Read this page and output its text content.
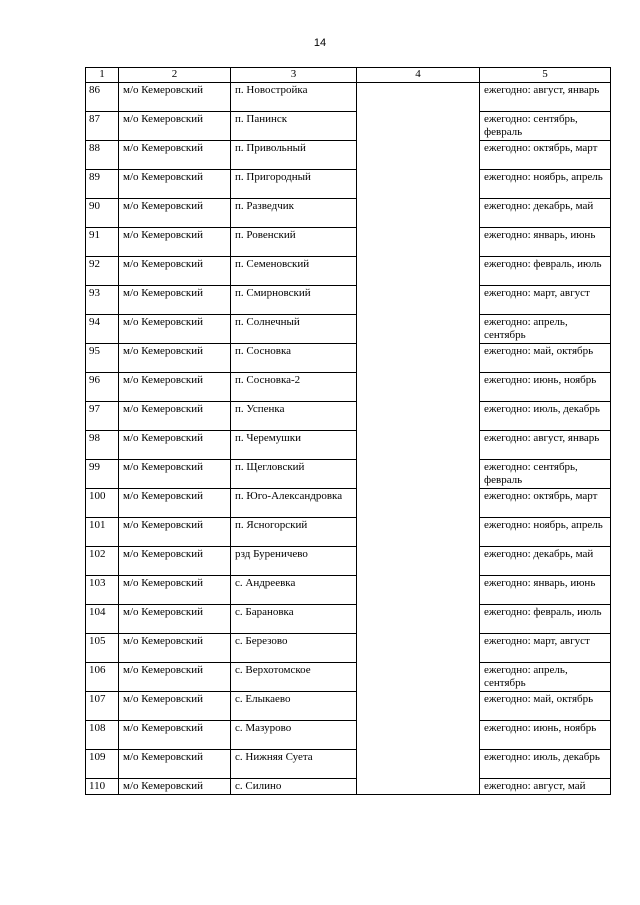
14
1	2	3	4	5
86	м/о Кемеровский	п. Новостройка		ежегодно: август, январь
87	м/о Кемеровский	п. Панинск		ежегодно: сентябрь, февраль
88	м/о Кемеровский	п. Привольный		ежегодно: октябрь, март
89	м/о Кемеровский	п. Пригородный		ежегодно: ноябрь, апрель
90	м/о Кемеровский	п. Разведчик		ежегодно: декабрь, май
91	м/о Кемеровский	п. Ровенский		ежегодно: январь, июнь
92	м/о Кемеровский	п. Семеновский		ежегодно: февраль, июль
93	м/о Кемеровский	п. Смирновский		ежегодно: март, август
94	м/о Кемеровский	п. Солнечный		ежегодно: апрель, сентябрь
95	м/о Кемеровский	п. Сосновка		ежегодно: май, октябрь
96	м/о Кемеровский	п. Сосновка-2		ежегодно: июнь, ноябрь
97	м/о Кемеровский	п. Успенка		ежегодно: июль, декабрь
98	м/о Кемеровский	п. Черемушки		ежегодно: август, январь
99	м/о Кемеровский	п. Щегловский		ежегодно: сентябрь, февраль
100	м/о Кемеровский	п. Юго-Александровка		ежегодно: октябрь, март
101	м/о Кемеровский	п. Ясногорский		ежегодно: ноябрь, апрель
102	м/о Кемеровский	рзд Буреничево		ежегодно: декабрь, май
103	м/о Кемеровский	с. Андреевка		ежегодно: январь, июнь
104	м/о Кемеровский	с. Барановка		ежегодно: февраль, июль
105	м/о Кемеровский	с. Березово		ежегодно: март, август
106	м/о Кемеровский	с. Верхотомское		ежегодно: апрель, сентябрь
107	м/о Кемеровский	с. Елыкаево		ежегодно: май, октябрь
108	м/о Кемеровский	с. Мазурово		ежегодно: июнь, ноябрь
109	м/о Кемеровский	с. Нижняя Суета		ежегодно: июль, декабрь
110	м/о Кемеровский	с. Силино		ежегодно: август, май
